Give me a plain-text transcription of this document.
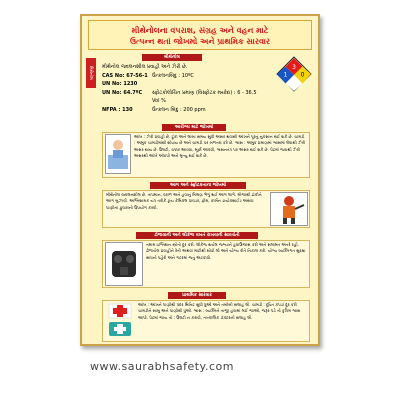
મીથેનોલના વપરાશ, સંગ્રહ અને વહન માટે
ઉત્પન્ન થતાં જોખમો અને પ્રાથમિક સારવાર
મિથેનોલ
મીથેનોલ
મીથેનોલ જ્વલનશીલ પ્રવાહી અને ઝેરી છે.
CAS No: 67-56-1 ઉત્કલનબિંદુ : 10ºC
UN No: 1230
UN No: 64.7ºC	સ્ફોટકોલોચિત પ્રમાણ (વિસ્ફોટક મર્યાદા) : 6 - 36.5 Vol %
NFPA : 130	ઉત્કલન બિંદુ : 200 ppm
3
1 0
આરોગ્ય માટે જોખમો
આંખ : ઝેરી પ્રવાહી છે. ટૂંકા અને લાંબા સમય સુધી અસર થવાથી આંખને પૂરતું નુકસાન થઈ શકે છે. ચામડી : અમુક ચામડીમાંથી શોષાય છે અને ચામડી પર બળતરા કરે છે. શ્વાસ : અમુક પ્રમાણમાં શ્વાસમાં લેવાથી ઝેરી અસર થાય છે. ઉલટી, ચક્કર આવવા, મૂર્છા આવવી, શ્વસનતંત્ર પર અસર થઈ શકે છે. પેટમાં જવાથી ઝેરી અસરથી આંખે અંધાપો અને મૃત્યુ થઈ શકે છે.
આગ અને સ્ફોટકતાના જોખમો
મીથેનોલ જ્વલનશીલ છે. તાપમાન, વરાળ અને હવાનું મિશ્રણ ભેગું થઈ આગ લાગે. મોજાથી ઢાંકીને આગ બુઝાવો. અગ્નિશામક યંત્ર તરીકે ડ્રાય કેમિકલ પાવડર, ફોમ, કાર્બન ડાયોક્સાઈડ અથવા પાણીના ફુવારાનો ઉપયોગ કરવો.
ઢોળાવાની અને લીકેજ વખતે રાખવાની સાવચેતી
તમામ ઇગ્નિશન સ્ત્રોતો દૂર કરો. લીકેજ થયેલ જગ્યાને હવાઉજાસ કરો અને સલામત અંતરે રહો. ઢોળાયેલ પ્રવાહીને રેતી અથવા માટીથી શોષી લો અને યોગ્ય રીતે નિકાલ કરો. યોગ્ય વ્યક્તિગત સુરક્ષા સાધનો પહેરો અને ગટરમાં જતું અટકાવો.
પ્રાથમિક સારવાર
આંખ : આંખને પાણીથી પંદર મિનિટ સુધી ધુઓ અને તબીબી સલાહ લો. ચામડી : દૂષિત કપડાં દૂર કરી ચામડીને સાબુ અને પાણીથી ધુઓ. શ્વાસ : વ્યક્તિને તાજી હવામાં લઈ જાઓ, જરૂર પડે તો કૃત્રિમ શ્વાસ આપો. પેટમાં જાય તો : ઉલટી ન કરાવો, તાત્કાલિક ડૉક્ટરની સલાહ લો.
www.saurabhsafety.com
